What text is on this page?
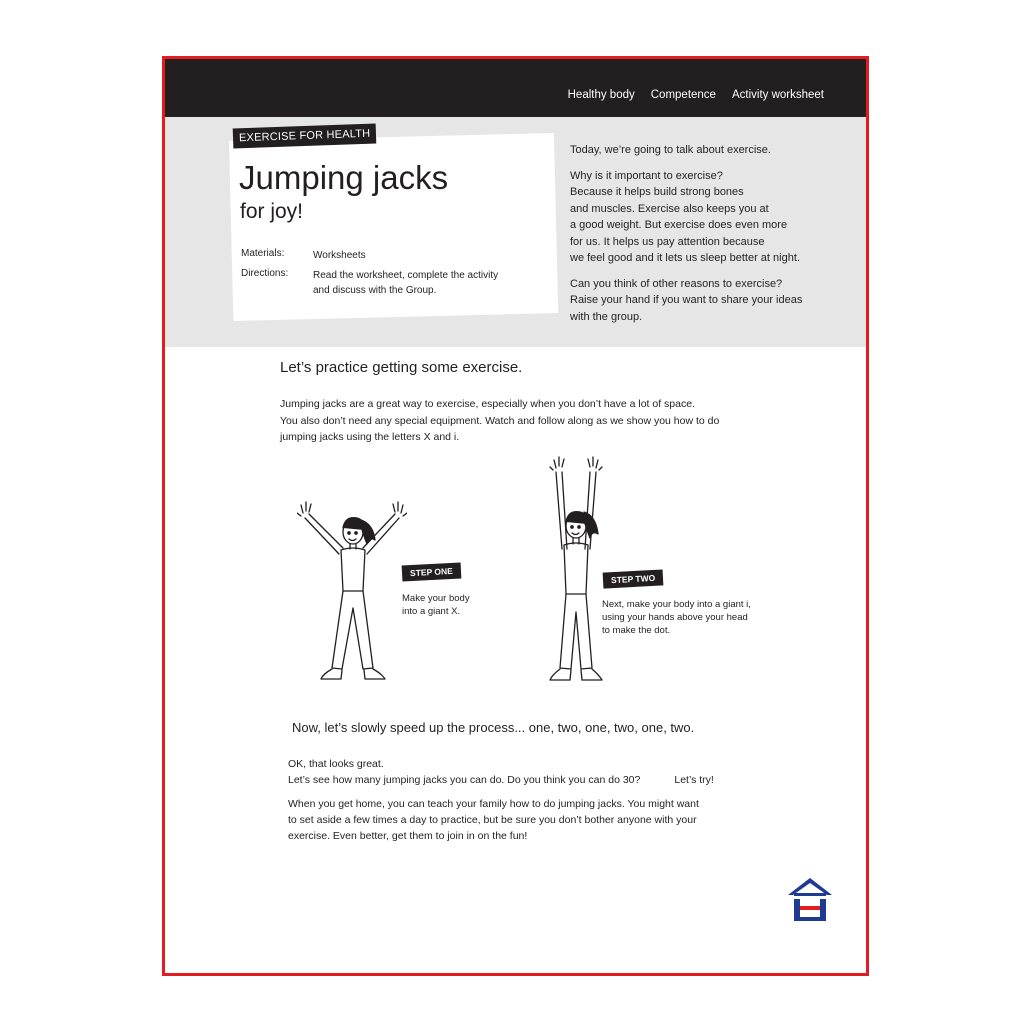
Healthy body Competence Activity worksheet
EXERCISE FOR HEALTH
Jumping jacks
for joy!
Materials:	Worksheets
Directions: Read the worksheet, complete the activity
and discuss with the Group.

Today, we’re going to talk about exercise.

Why is it important to exercise?
Because it helps build strong bones
and muscles. Exercise also keeps you at
a good weight. But exercise does even more
for us. It helps us pay attention because
we feel good and it lets us sleep better at night.

Can you think of other reasons to exercise?
Raise your hand if you want to share your ideas
with the group.

Let’s practice getting some exercise.
Jumping jacks are a great way to exercise, especially when you don’t have a lot of space.
You also don’t need any special equipment. Watch and follow along as we show you how to do
jumping jacks using the letters X and i.
STEP ONE
Make your body
into a giant X.
STEP TWO
Next, make your body into a giant i,
using your hands above your head
to make the dot.
Now, let’s slowly speed up the process... one, two, one, two, one, two.

OK, that looks great.
Let’s see how many jumping jacks you can do. Do you think you can do 30?	Let’s try!

When you get home, you can teach your family how to do jumping jacks. You might want
to set aside a few times a day to practice, but be sure you don’t bother anyone with your
exercise. Even better, get them to join in on the fun!
